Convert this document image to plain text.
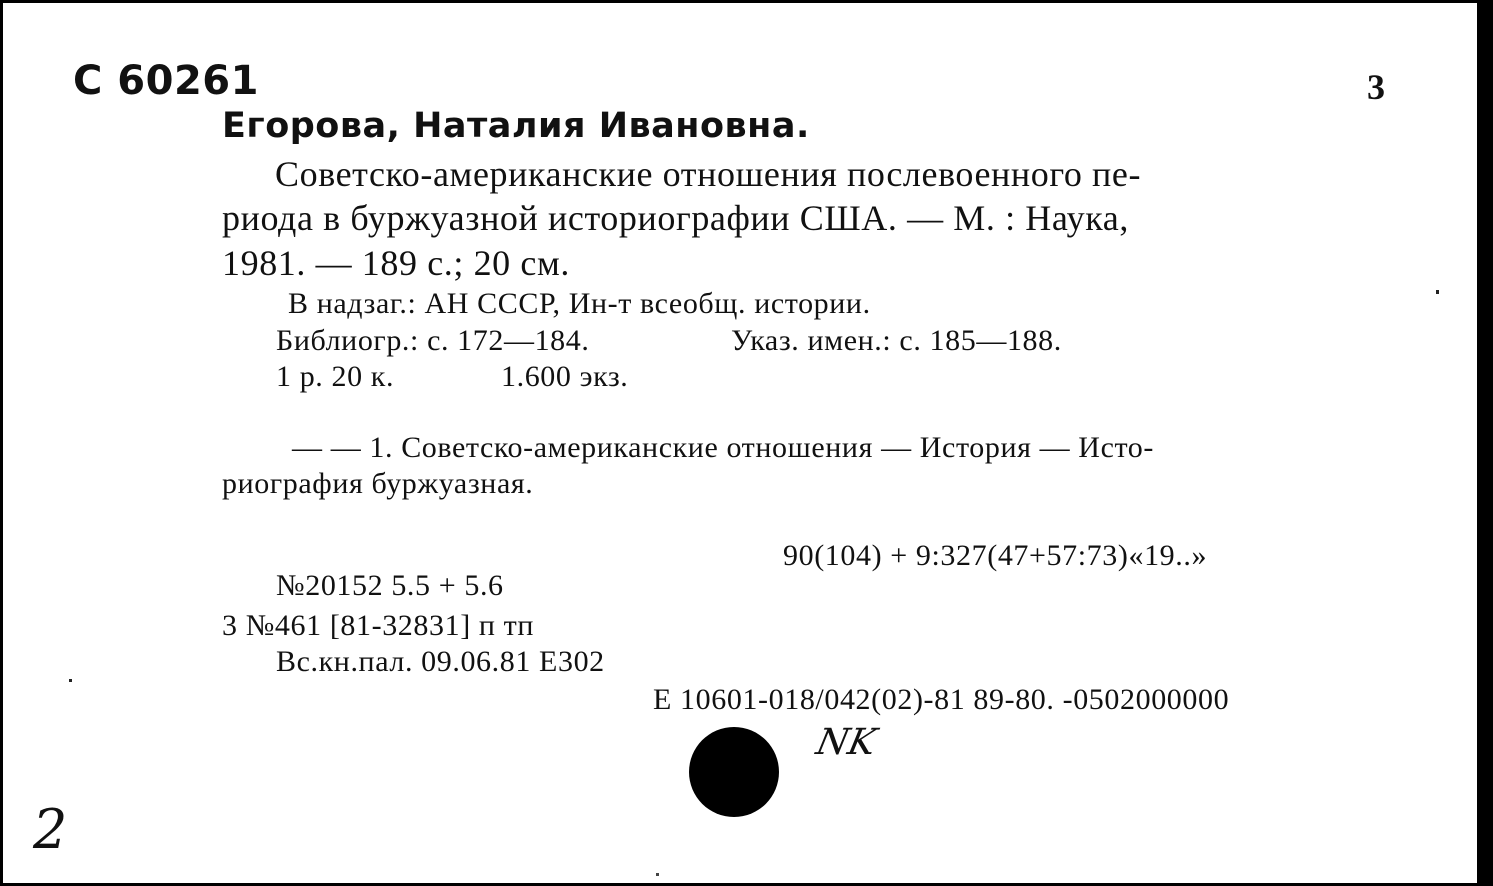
С 60261	3
Егорова, Наталия Ивановна.
Советско-американские отношения послевоенного пе-
риода в буржуазной историографии США. — М. : Наука,
1981. — 189 с.; 20 см.
В надзаг.: АН СССР, Ин-т всеобщ. истории.
Библиогр.: с. 172—184.	Указ. имен.: с. 185—188.
1 р. 20 к.	1.600 экз.
— — 1. Советско-американские отношения — История — Исто-
риография буржуазная.
90(104) + 9:327(47+57:73)«19..»
№20152 5.5 + 5.6
3 №461 [81-32831] п тп
Вс.кн.пал. 09.06.81 Е302
Е 10601-018/042(02)-81 89-80. -0502000000
NK
2
